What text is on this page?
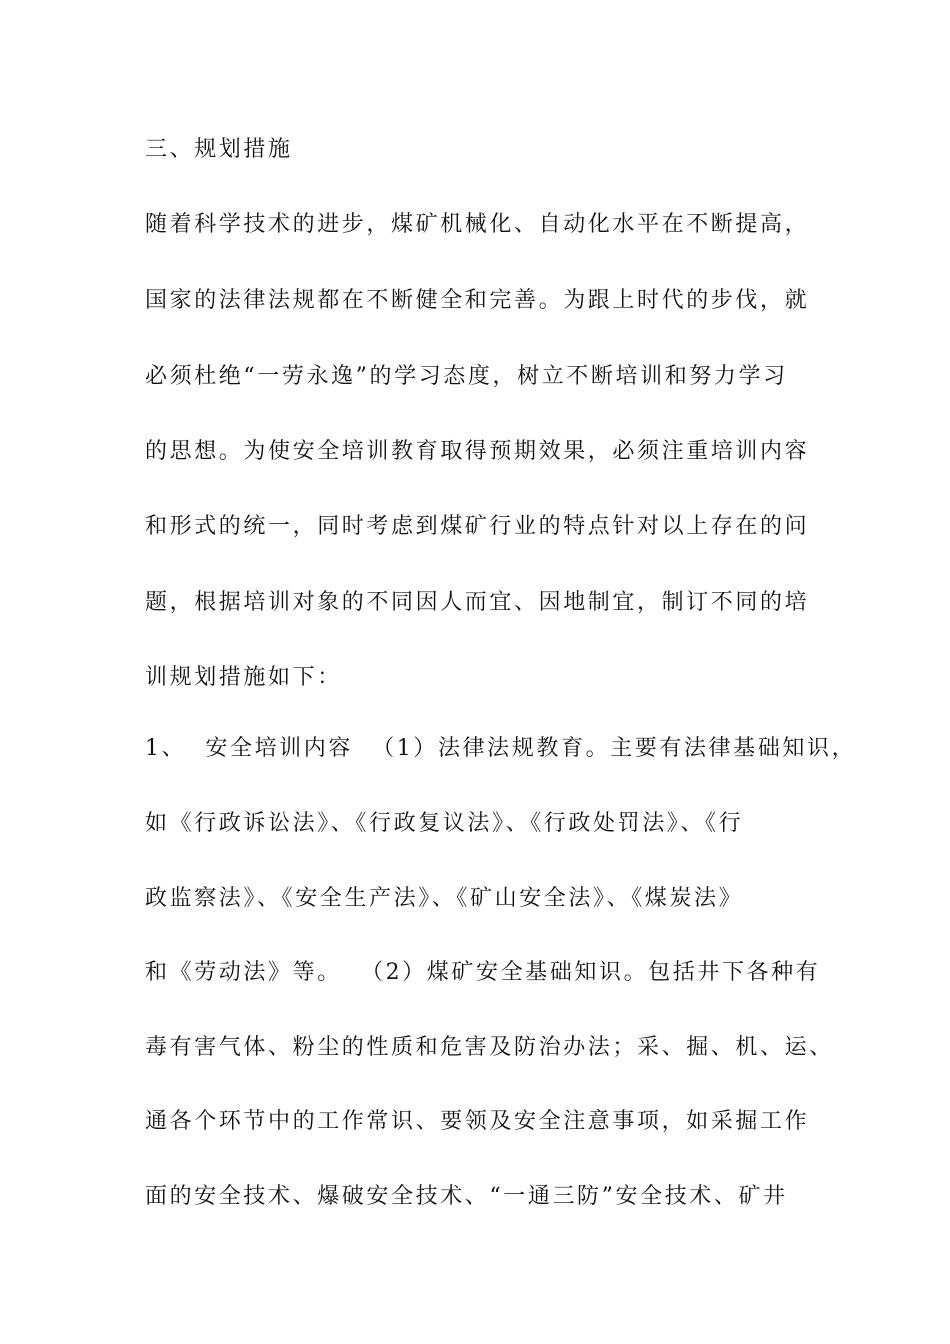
三、规划措施
随着科学技术的进步，煤矿机械化、自动化水平在不断提高，
国家的法律法规都在不断健全和完善。为跟上时代的步伐，就
必须杜绝“一劳永逸”的学习态度，树立不断培训和努力学习
的思想。为使安全培训教育取得预期效果，必须注重培训内容
和形式的统一，同时考虑到煤矿行业的特点针对以上存在的问
题，根据培训对象的不同因人而宜、因地制宜，制订不同的培
训规划措施如下：
1、  安全培训内容  （1）法律法规教育。主要有法律基础知识，
如《行政诉讼法》、《行政复议法》、《行政处罚法》、《行
政监察法》、《安全生产法》、《矿山安全法》、《煤炭法》
和《劳动法》等。  （2）煤矿安全基础知识。包括井下各种有
毒有害气体、粉尘的性质和危害及防治办法；采、掘、机、运、
通各个环节中的工作常识、要领及安全注意事项，如采掘工作
面的安全技术、爆破安全技术、“一通三防”安全技术、矿井
